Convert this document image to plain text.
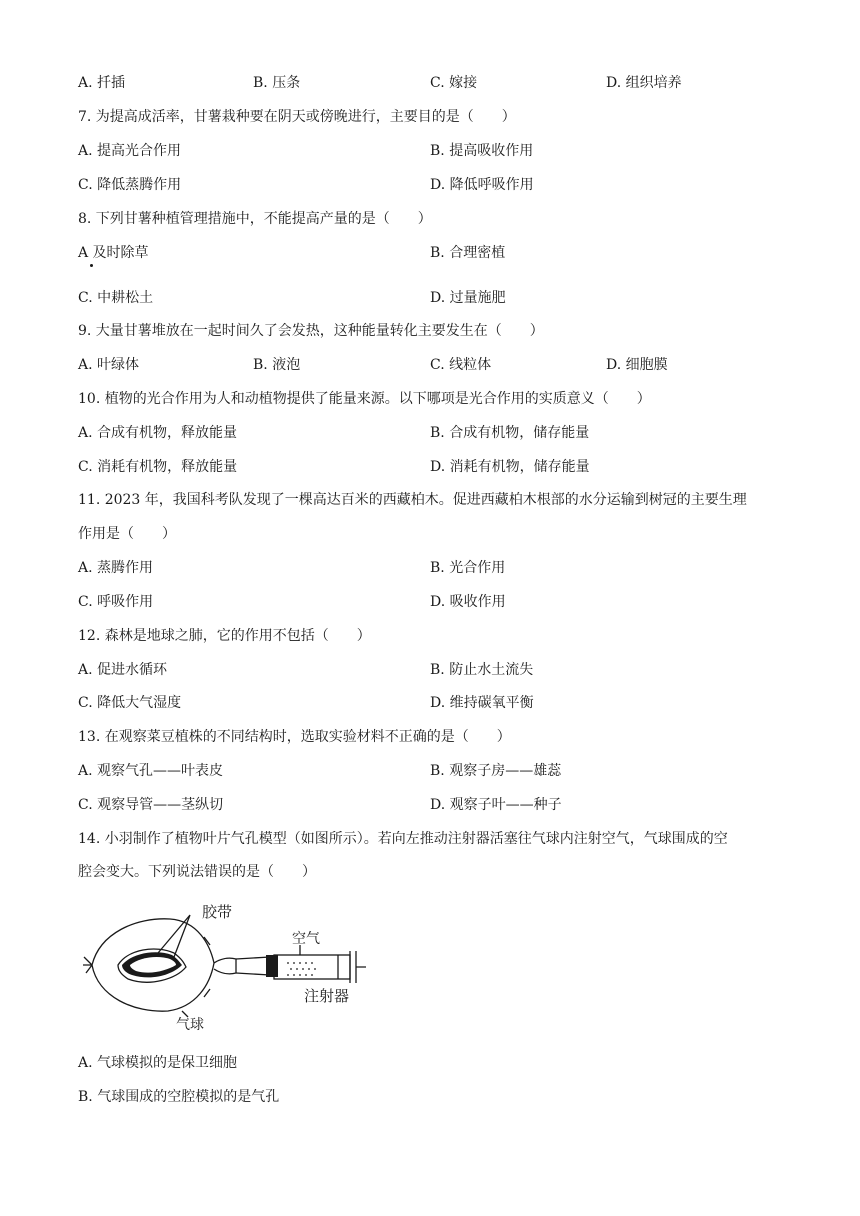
A. 扦插	B. 压条	C. 嫁接	D. 组织培养
7. 为提高成活率，甘薯栽种要在阴天或傍晚进行，主要目的是（　　）
A. 提高光合作用	B. 提高吸收作用
C. 降低蒸腾作用	D. 降低呼吸作用
8. 下列甘薯种植管理措施中，不能提高产量的是（　　）
A 及时除草	B. 合理密植
C. 中耕松土	D. 过量施肥
9. 大量甘薯堆放在一起时间久了会发热，这种能量转化主要发生在（　　）
A. 叶绿体	B. 液泡	C. 线粒体	D. 细胞膜
10. 植物的光合作用为人和动植物提供了能量来源。以下哪项是光合作用的实质意义（　　）
A. 合成有机物，释放能量	B. 合成有机物，储存能量
C. 消耗有机物，释放能量	D. 消耗有机物，储存能量
11. 2023 年，我国科考队发现了一棵高达百米的西藏柏木。促进西藏柏木根部的水分运输到树冠的主要生理
作用是（　　）
A. 蒸腾作用	B. 光合作用
C. 呼吸作用	D. 吸收作用
12. 森林是地球之肺，它的作用不包括（　　）
A. 促进水循环	B. 防止水土流失
C. 降低大气湿度	D. 维持碳氧平衡
13. 在观察菜豆植株的不同结构时，选取实验材料不正确的是（　　）
A. 观察气孔——叶表皮	B. 观察子房——雄蕊
C. 观察导管——茎纵切	D. 观察子叶——种子
14. 小羽制作了植物叶片气孔模型（如图所示）。若向左推动注射器活塞往气球内注射空气，气球围成的空
腔会变大。下列说法错误的是（　　）
胶带
空气
注射器
气球
A. 气球模拟的是保卫细胞
B. 气球围成的空腔模拟的是气孔
